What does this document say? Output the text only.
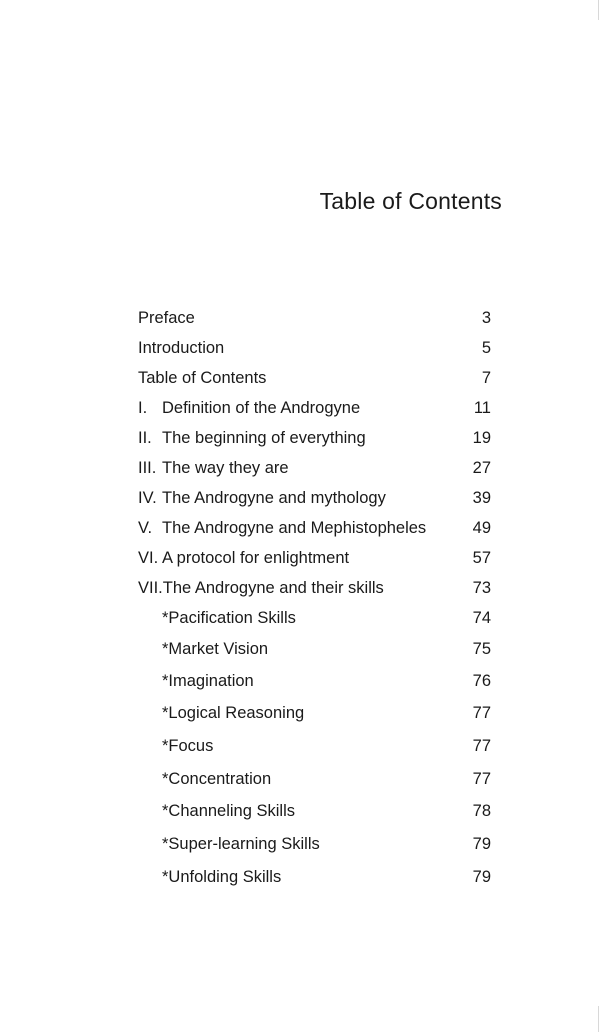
Table of Contents
Preface	3
Introduction	5
Table of Contents	7
I. Definition of the Androgyne	11
II. The beginning of everything	19
III. The way they are	27
IV. The Androgyne and mythology	39
V. The Androgyne and Mephistopheles	49
VI. A protocol for enlightment	57
VII.The Androgyne and their skills	73
*Pacification Skills	74
*Market Vision	75
*Imagination	76
*Logical Reasoning	77
*Focus	77
*Concentration	77
*Channeling Skills	78
*Super-learning Skills	79
*Unfolding Skills	79
